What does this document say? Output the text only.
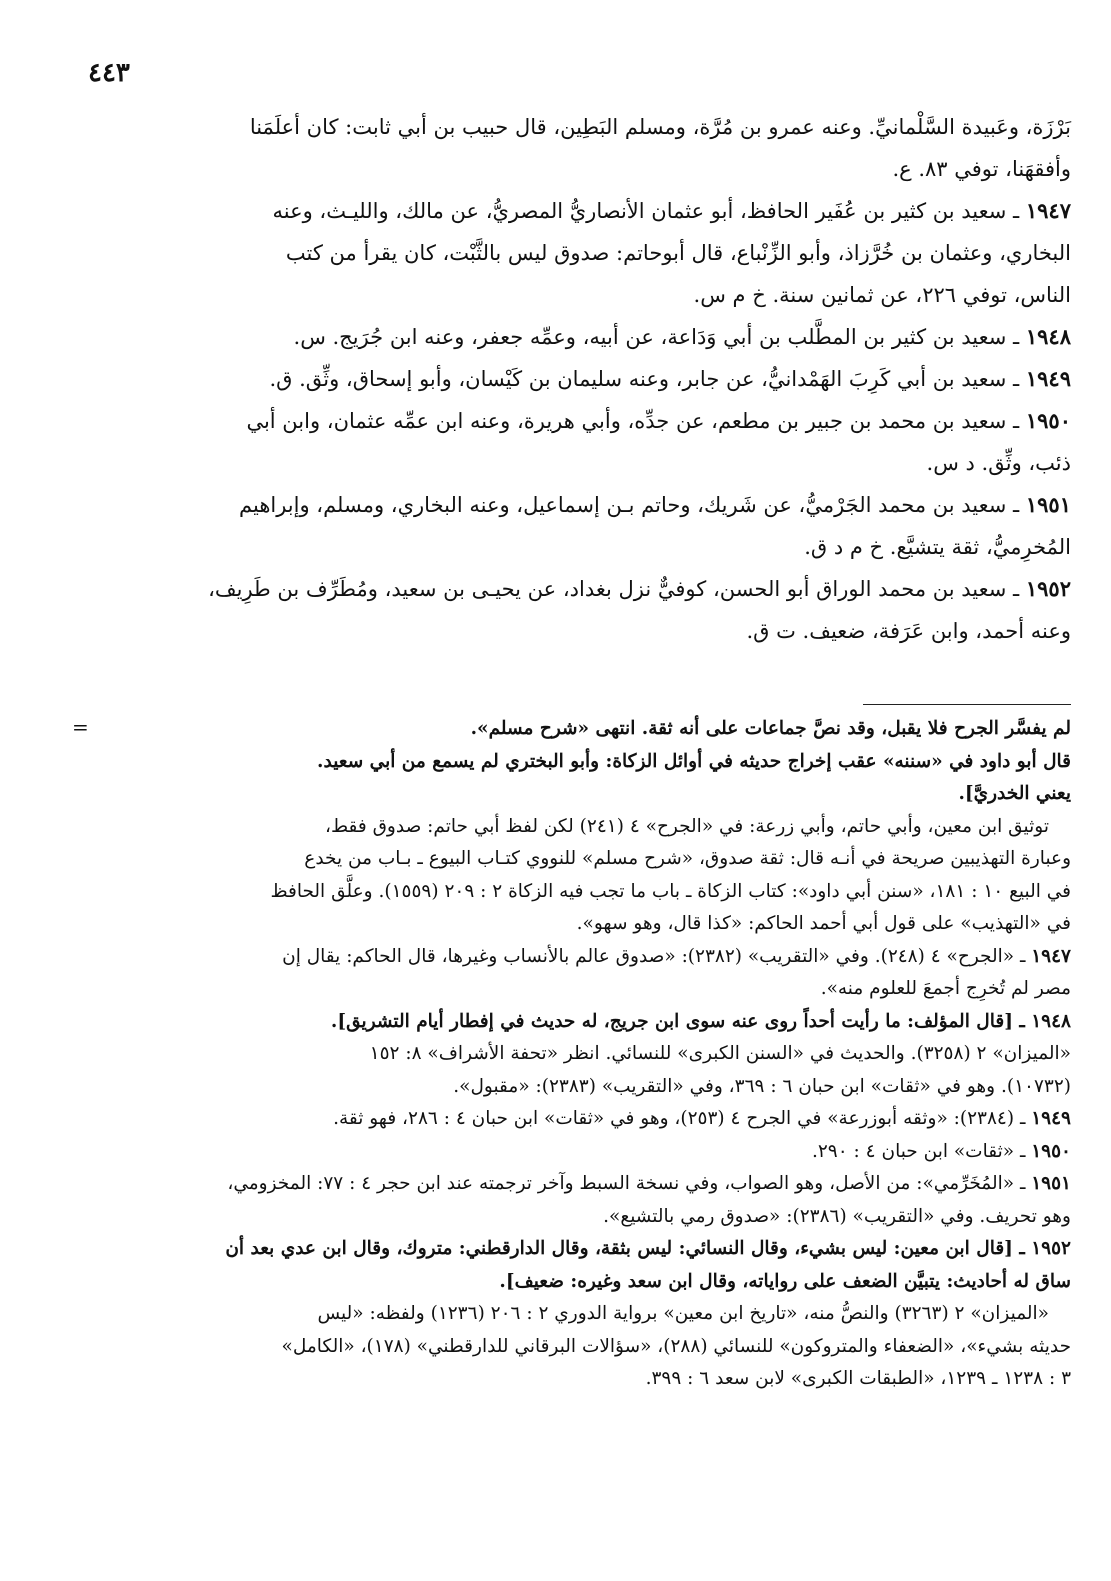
٤٤٣
بَرْزَة، وعَبيدة السَّلْمانيِّ. وعنه عمرو بن مُرَّة، ومسلم البَطِين، قال حبيب بن أبي ثابت: كان أعلَمَنا
وأفقهَنا، توفي ٨٣. ع.
١٩٤٧ ـ سعيد بن كثير بن عُفَير الحافظ، أبو عثمان الأنصاريُّ المصريُّ، عن مالك، والليـث، وعنه
البخاري، وعثمان بن خُرَّزاذ، وأبو الزِّنْباع، قال أبوحاتم: صدوق ليس بالثَّبْت، كان يقرأ من كتب
الناس، توفي ٢٢٦، عن ثمانين سنة. خ م س.
١٩٤٨ ـ سعيد بن كثير بن المطَّلب بن أبي وَدَاعة، عن أبيه، وعمِّه جعفر، وعنه ابن جُرَيج. س.
١٩٤٩ ـ سعيد بن أبي كَرِبَ الهَمْدانيُّ، عن جابر، وعنه سليمان بن كَيْسان، وأبو إسحاق، وثِّق. ق.
١٩٥٠ ـ سعيد بن محمد بن جبير بن مطعم، عن جدِّه، وأبي هريرة، وعنه ابن عمِّه عثمان، وابن أبي
ذئب، وثِّق. د س.
١٩٥١ ـ سعيد بن محمد الجَرْميُّ، عن شَريك، وحاتم بـن إسماعيل، وعنه البخاري، ومسلم، وإبراهيم
المُخرِميُّ، ثقة يتشيَّع. خ م د ق.
١٩٥٢ ـ سعيد بن محمد الوراق أبو الحسن، كوفيٌّ نزل بغداد، عن يحيـى بن سعيد، ومُطَرِّف بن طَرِيف،
وعنه أحمد، وابن عَرَفة، ضعيف. ت ق.
=	لم يفسَّر الجرح فلا يقبل، وقد نصَّ جماعات على أنه ثقة. انتهى «شرح مسلم».

قال أبو داود في «سننه» عقب إخراج حديثه في أوائل الزكاة: وأبو البختري لم يسمع من أبي سعيد.

يعني الخدريَّ].

توثيق ابن معين، وأبي حاتم، وأبي زرعة: في «الجرح» ٤ (٢٤١) لكن لفظ أبي حاتم: صدوق فقط،

وعبارة التهذيبين صريحة في أنـه قال: ثقة صدوق، «شرح مسلم» للنووي كتـاب البيوع ـ بـاب من يخدع

في البيع ١٠ : ١٨١، «سنن أبي داود»: كتاب الزكاة ـ باب ما تجب فيه الزكاة ٢ : ٢٠٩ (١٥٥٩). وعلَّق الحافظ

في «التهذيب» على قول أبي أحمد الحاكم: «كذا قال، وهو سهو».

١٩٤٧ ـ «الجرح» ٤ (٢٤٨). وفي «التقريب» (٢٣٨٢): «صدوق عالم بالأنساب وغيرها، قال الحاكم: يقال إن

مصر لم تُخرِج أجمعَ للعلوم منه».

١٩٤٨ ـ [قال المؤلف: ما رأيت أحداً روى عنه سوى ابن جريج، له حديث في إفطار أيام التشريق].

«الميزان» ٢ (٣٢٥٨). والحديث في «السنن الكبرى» للنسائي. انظر «تحفة الأشراف» ٨: ١٥٢

(١٠٧٣٢). وهو في «ثقات» ابن حبان ٦ : ٣٦٩، وفي «التقريب» (٢٣٨٣): «مقبول».

١٩٤٩ ـ (٢٣٨٤): «وثقه أبوزرعة» في الجرح ٤ (٢٥٣)، وهو في «ثقات» ابن حبان ٤ : ٢٨٦، فهو ثقة.

١٩٥٠ ـ «ثقات» ابن حبان ٤ : ٢٩٠.

١٩٥١ ـ «المُخَرِّمي»: من الأصل، وهو الصواب، وفي نسخة السبط وآخر ترجمته عند ابن حجر ٤ : ٧٧: المخزومي،

وهو تحريف. وفي «التقريب» (٢٣٨٦): «صدوق رمي بالتشيع».

١٩٥٢ ـ [قال ابن معين: ليس بشيء، وقال النسائي: ليس بثقة، وقال الدارقطني: متروك، وقال ابن عدي بعد أن

ساق له أحاديث: يتبيَّن الضعف على رواياته، وقال ابن سعد وغيره: ضعيف].

«الميزان» ٢ (٣٢٦٣) والنصُّ منه، «تاريخ ابن معين» برواية الدوري ٢ : ٢٠٦ (١٢٣٦) ولفظه: «ليس

حديثه بشيء»، «الضعفاء والمتروكون» للنسائي (٢٨٨)، «سؤالات البرقاني للدارقطني» (١٧٨)، «الكامل»

٣ : ١٢٣٨ ـ ١٢٣٩، «الطبقات الكبرى» لابن سعد ٦ : ٣٩٩.
